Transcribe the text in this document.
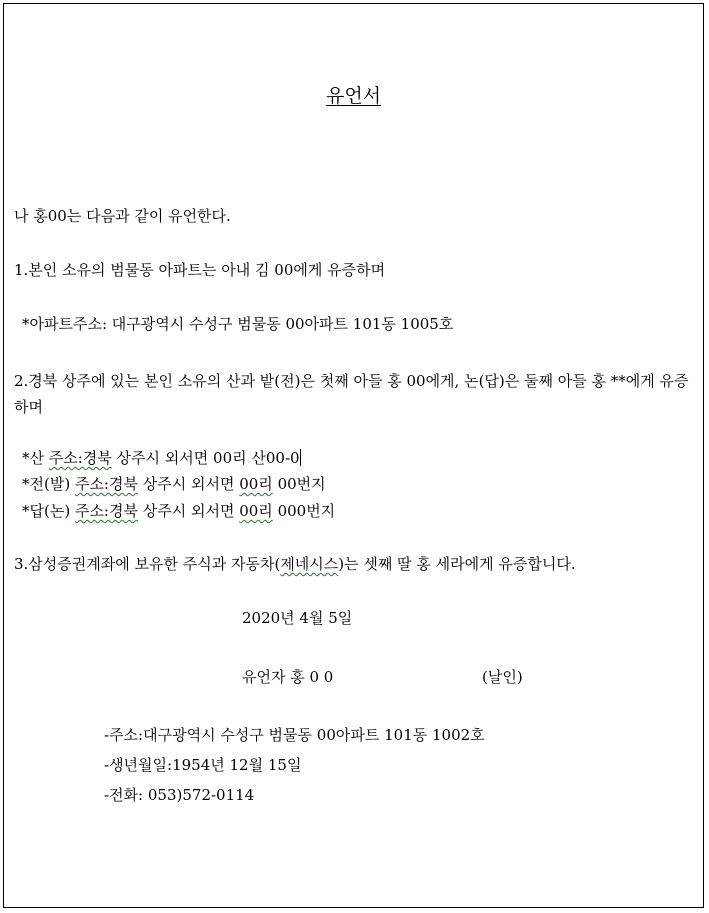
유언서
나 홍00는 다음과 같이 유언한다.
1.본인 소유의 범물동 아파트는 아내 김 00에게 유증하며
*아파트주소: 대구광역시 수성구 범물동 00아파트 101동 1005호
2.경북 상주에 있는 본인 소유의 산과 밭(전)은 첫째 아들 홍 00에게, 논(답)은 둘째 아들 홍 **에게 유증하며
*산 주소:경북 상주시 외서면 00리 산00-0
*전(발) 주소:경북 상주시 외서면 00리 00번지
*답(논) 주소:경북 상주시 외서면 00리 000번지
3.삼성증권계좌에 보유한 주식과 자동차(제네시스)는 셋째 딸 홍 세라에게 유증합니다.
2020년 4월 5일
유언자 홍 0 0	(날인)
-주소:대구광역시 수성구 범물동 00아파트 101동 1002호
-생년월일:1954년 12월 15일
-전화: 053)572-0114
